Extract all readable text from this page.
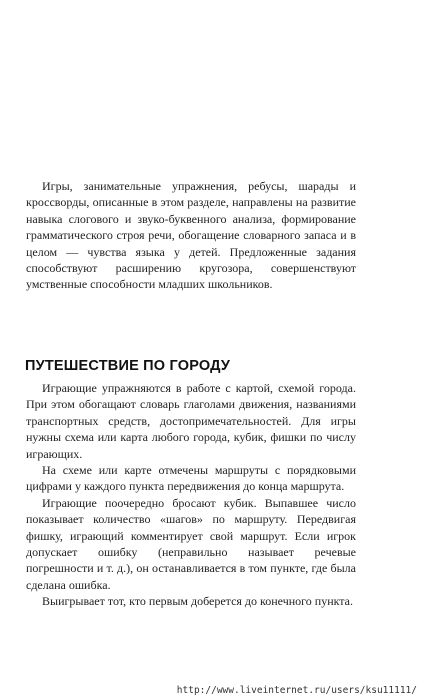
Игры, занимательные упражнения, ребусы, шарады и кроссворды, описанные в этом разделе, направлены на развитие навыка слогового и звуко-буквенного анализа, формирование грамматического строя речи, обогащение словарного запаса и в целом — чувства языка у детей. Предложенные задания способствуют расширению кругозора, совершенствуют умственные способности младших школьников.

ПУТЕШЕСТВИЕ ПО ГОРОДУ

Играющие упражняются в работе с картой, схемой города. При этом обогащают словарь глаголами движения, названиями транспортных средств, достопримечательностей. Для игры нужны схема или карта любого города, кубик, фишки по числу играющих.

На схеме или карте отмечены маршруты с порядковыми цифрами у каждого пункта передвижения до конца маршрута.

Играющие поочередно бросают кубик. Выпавшее число показывает количество «шагов» по маршруту. Передвигая фишку, играющий комментирует свой маршрут. Если игрок допускает ошибку (неправильно называет речевые погрешности и т. д.), он останавливается в том пункте, где была сделана ошибка.

Выигрывает тот, кто первым доберется до конечного пункта.

http://www.liveinternet.ru/users/ksu11111/
